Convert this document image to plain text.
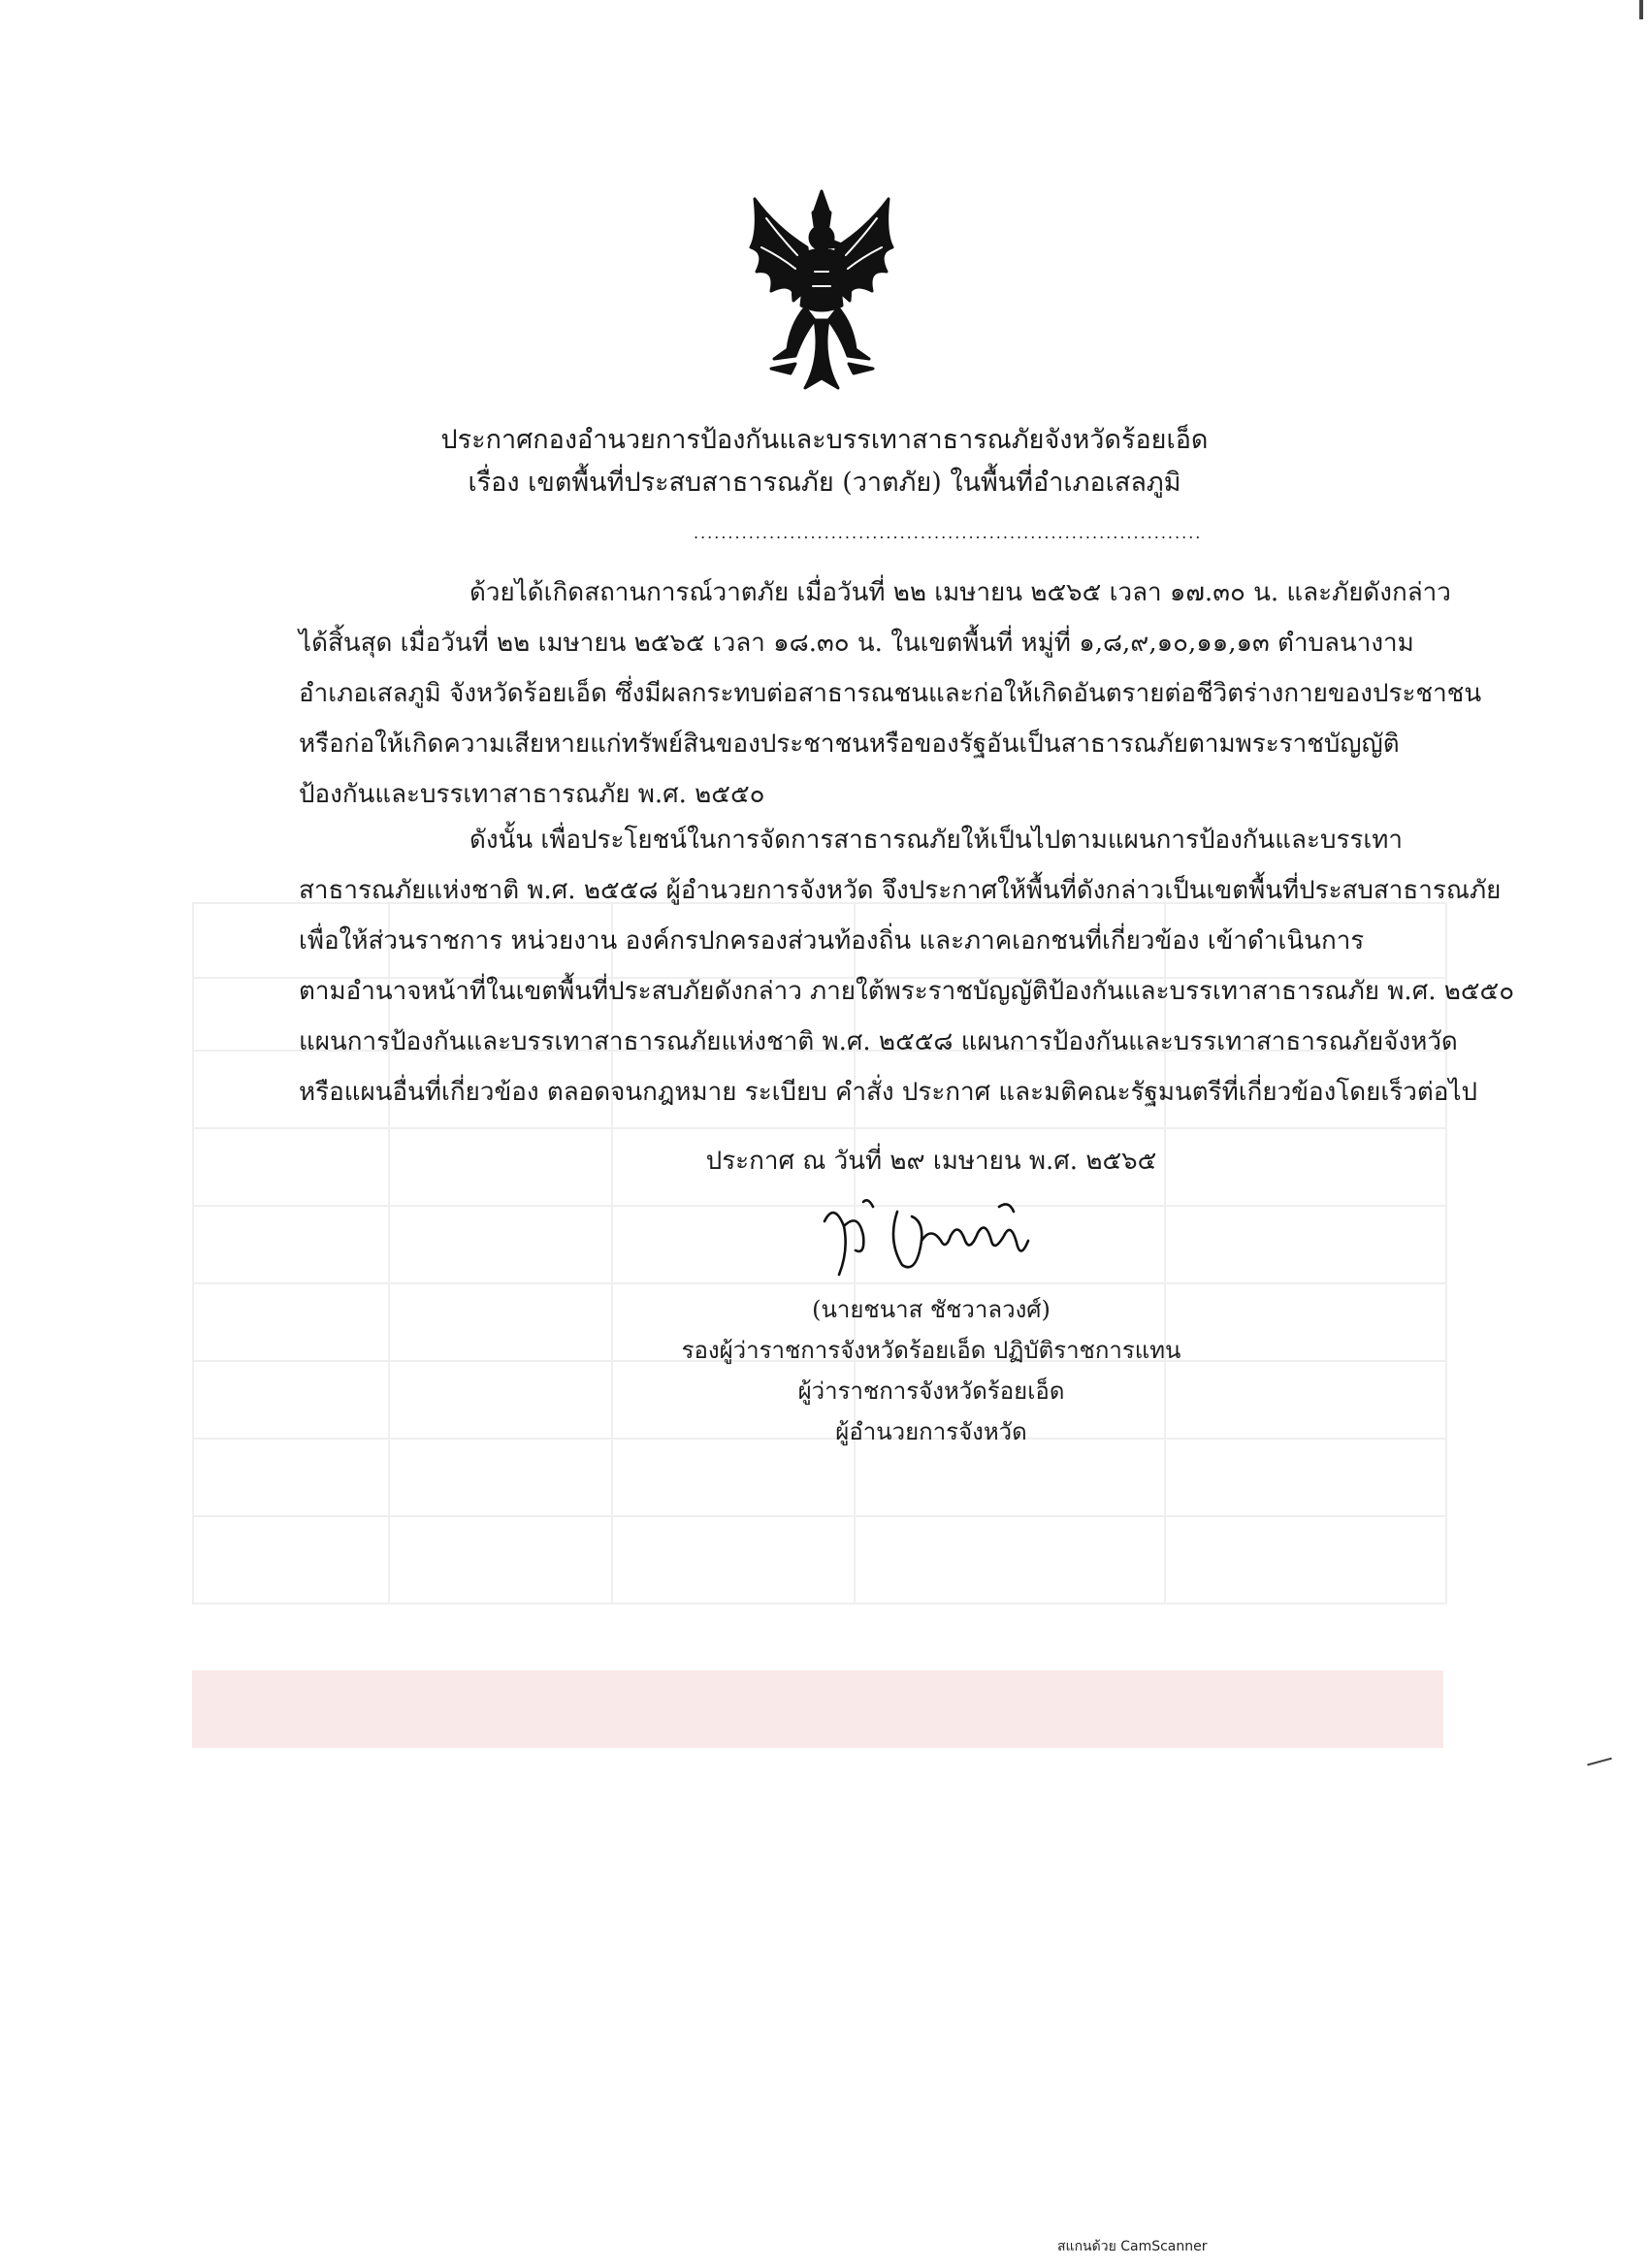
ประกาศกองอำนวยการป้องกันและบรรเทาสาธารณภัยจังหวัดร้อยเอ็ด
เรื่อง เขตพื้นที่ประสบสาธารณภัย (วาตภัย) ในพื้นที่อำเภอเสลภูมิ
..........................................................................
ด้วยได้เกิดสถานการณ์วาตภัย เมื่อวันที่ ๒๒ เมษายน ๒๕๖๕ เวลา ๑๗.๓๐ น. และภัยดังกล่าว
ได้สิ้นสุด เมื่อวันที่ ๒๒ เมษายน ๒๕๖๕ เวลา ๑๘.๓๐ น. ในเขตพื้นที่ หมู่ที่ ๑,๘,๙,๑๐,๑๑,๑๓ ตำบลนางาม
อำเภอเสลภูมิ จังหวัดร้อยเอ็ด ซึ่งมีผลกระทบต่อสาธารณชนและก่อให้เกิดอันตรายต่อชีวิตร่างกายของประชาชน
หรือก่อให้เกิดความเสียหายแก่ทรัพย์สินของประชาชนหรือของรัฐอันเป็นสาธารณภัยตามพระราชบัญญัติ
ป้องกันและบรรเทาสาธารณภัย พ.ศ. ๒๕๕๐
ดังนั้น เพื่อประโยชน์ในการจัดการสาธารณภัยให้เป็นไปตามแผนการป้องกันและบรรเทา
สาธารณภัยแห่งชาติ พ.ศ. ๒๕๕๘ ผู้อำนวยการจังหวัด จึงประกาศให้พื้นที่ดังกล่าวเป็นเขตพื้นที่ประสบสาธารณภัย
เพื่อให้ส่วนราชการ หน่วยงาน องค์กรปกครองส่วนท้องถิ่น และภาคเอกชนที่เกี่ยวข้อง เข้าดำเนินการ
ตามอำนาจหน้าที่ในเขตพื้นที่ประสบภัยดังกล่าว ภายใต้พระราชบัญญัติป้องกันและบรรเทาสาธารณภัย พ.ศ. ๒๕๕๐
แผนการป้องกันและบรรเทาสาธารณภัยแห่งชาติ พ.ศ. ๒๕๕๘ แผนการป้องกันและบรรเทาสาธารณภัยจังหวัด
หรือแผนอื่นที่เกี่ยวข้อง ตลอดจนกฎหมาย ระเบียบ คำสั่ง ประกาศ และมติคณะรัฐมนตรีที่เกี่ยวข้องโดยเร็วต่อไป
ประกาศ ณ วันที่ ๒๙ เมษายน พ.ศ. ๒๕๖๕
(นายชนาส ชัชวาลวงศ์)
รองผู้ว่าราชการจังหวัดร้อยเอ็ด ปฏิบัติราชการแทน
ผู้ว่าราชการจังหวัดร้อยเอ็ด
ผู้อำนวยการจังหวัด
สแกนด้วย CamScanner
